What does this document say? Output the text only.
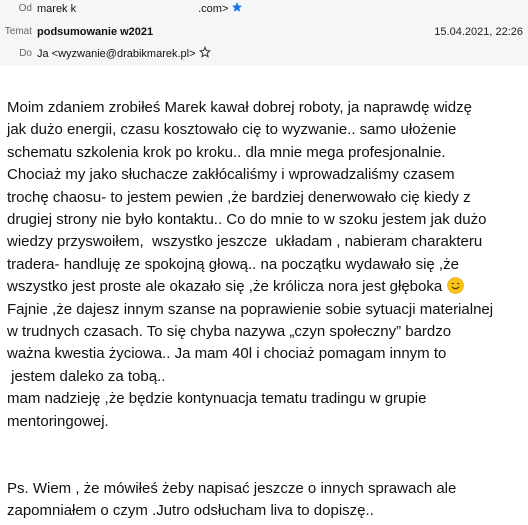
Od marek k	.com>
Temat podsumowanie w2021	15.04.2021, 22:26
Do Ja <wyzwanie@drabikmarek.pl>

Moim zdaniem zrobiłeś Marek kawał dobrej roboty, ja naprawdę widzę

jak dużo energii, czasu kosztowało cię to wyzwanie.. samo ułożenie

schematu szkolenia krok po kroku.. dla mnie mega profesjonalnie.

Chociaż my jako słuchacze zakłócaliśmy i wprowadzaliśmy czasem

trochę chaosu- to jestem pewien ,że bardziej denerwowało cię kiedy z

drugiej strony nie było kontaktu.. Co do mnie to w szoku jestem jak dużo

wiedzy przyswoiłem,  wszystko jeszcze  układam , nabieram charakteru

tradera- handluję ze spokojną głową.. na początku wydawało się ,że

wszystko jest proste ale okazało się ,że królicza nora jest głęboka

Fajnie ,że dajesz innym szanse na poprawienie sobie sytuacji materialnej

w trudnych czasach. To się chyba nazywa „czyn społeczny” bardzo

ważna kwestia życiowa.. Ja mam 40l i chociaż pomagam innym to

jestem daleko za tobą..

mam nadzieję ,że będzie kontynuacja tematu tradingu w grupie

mentoringowej.

Ps. Wiem , że mówiłeś żeby napisać jeszcze o innych sprawach ale

zapomniałem o czym .Jutro odsłucham liva to dopiszę..
